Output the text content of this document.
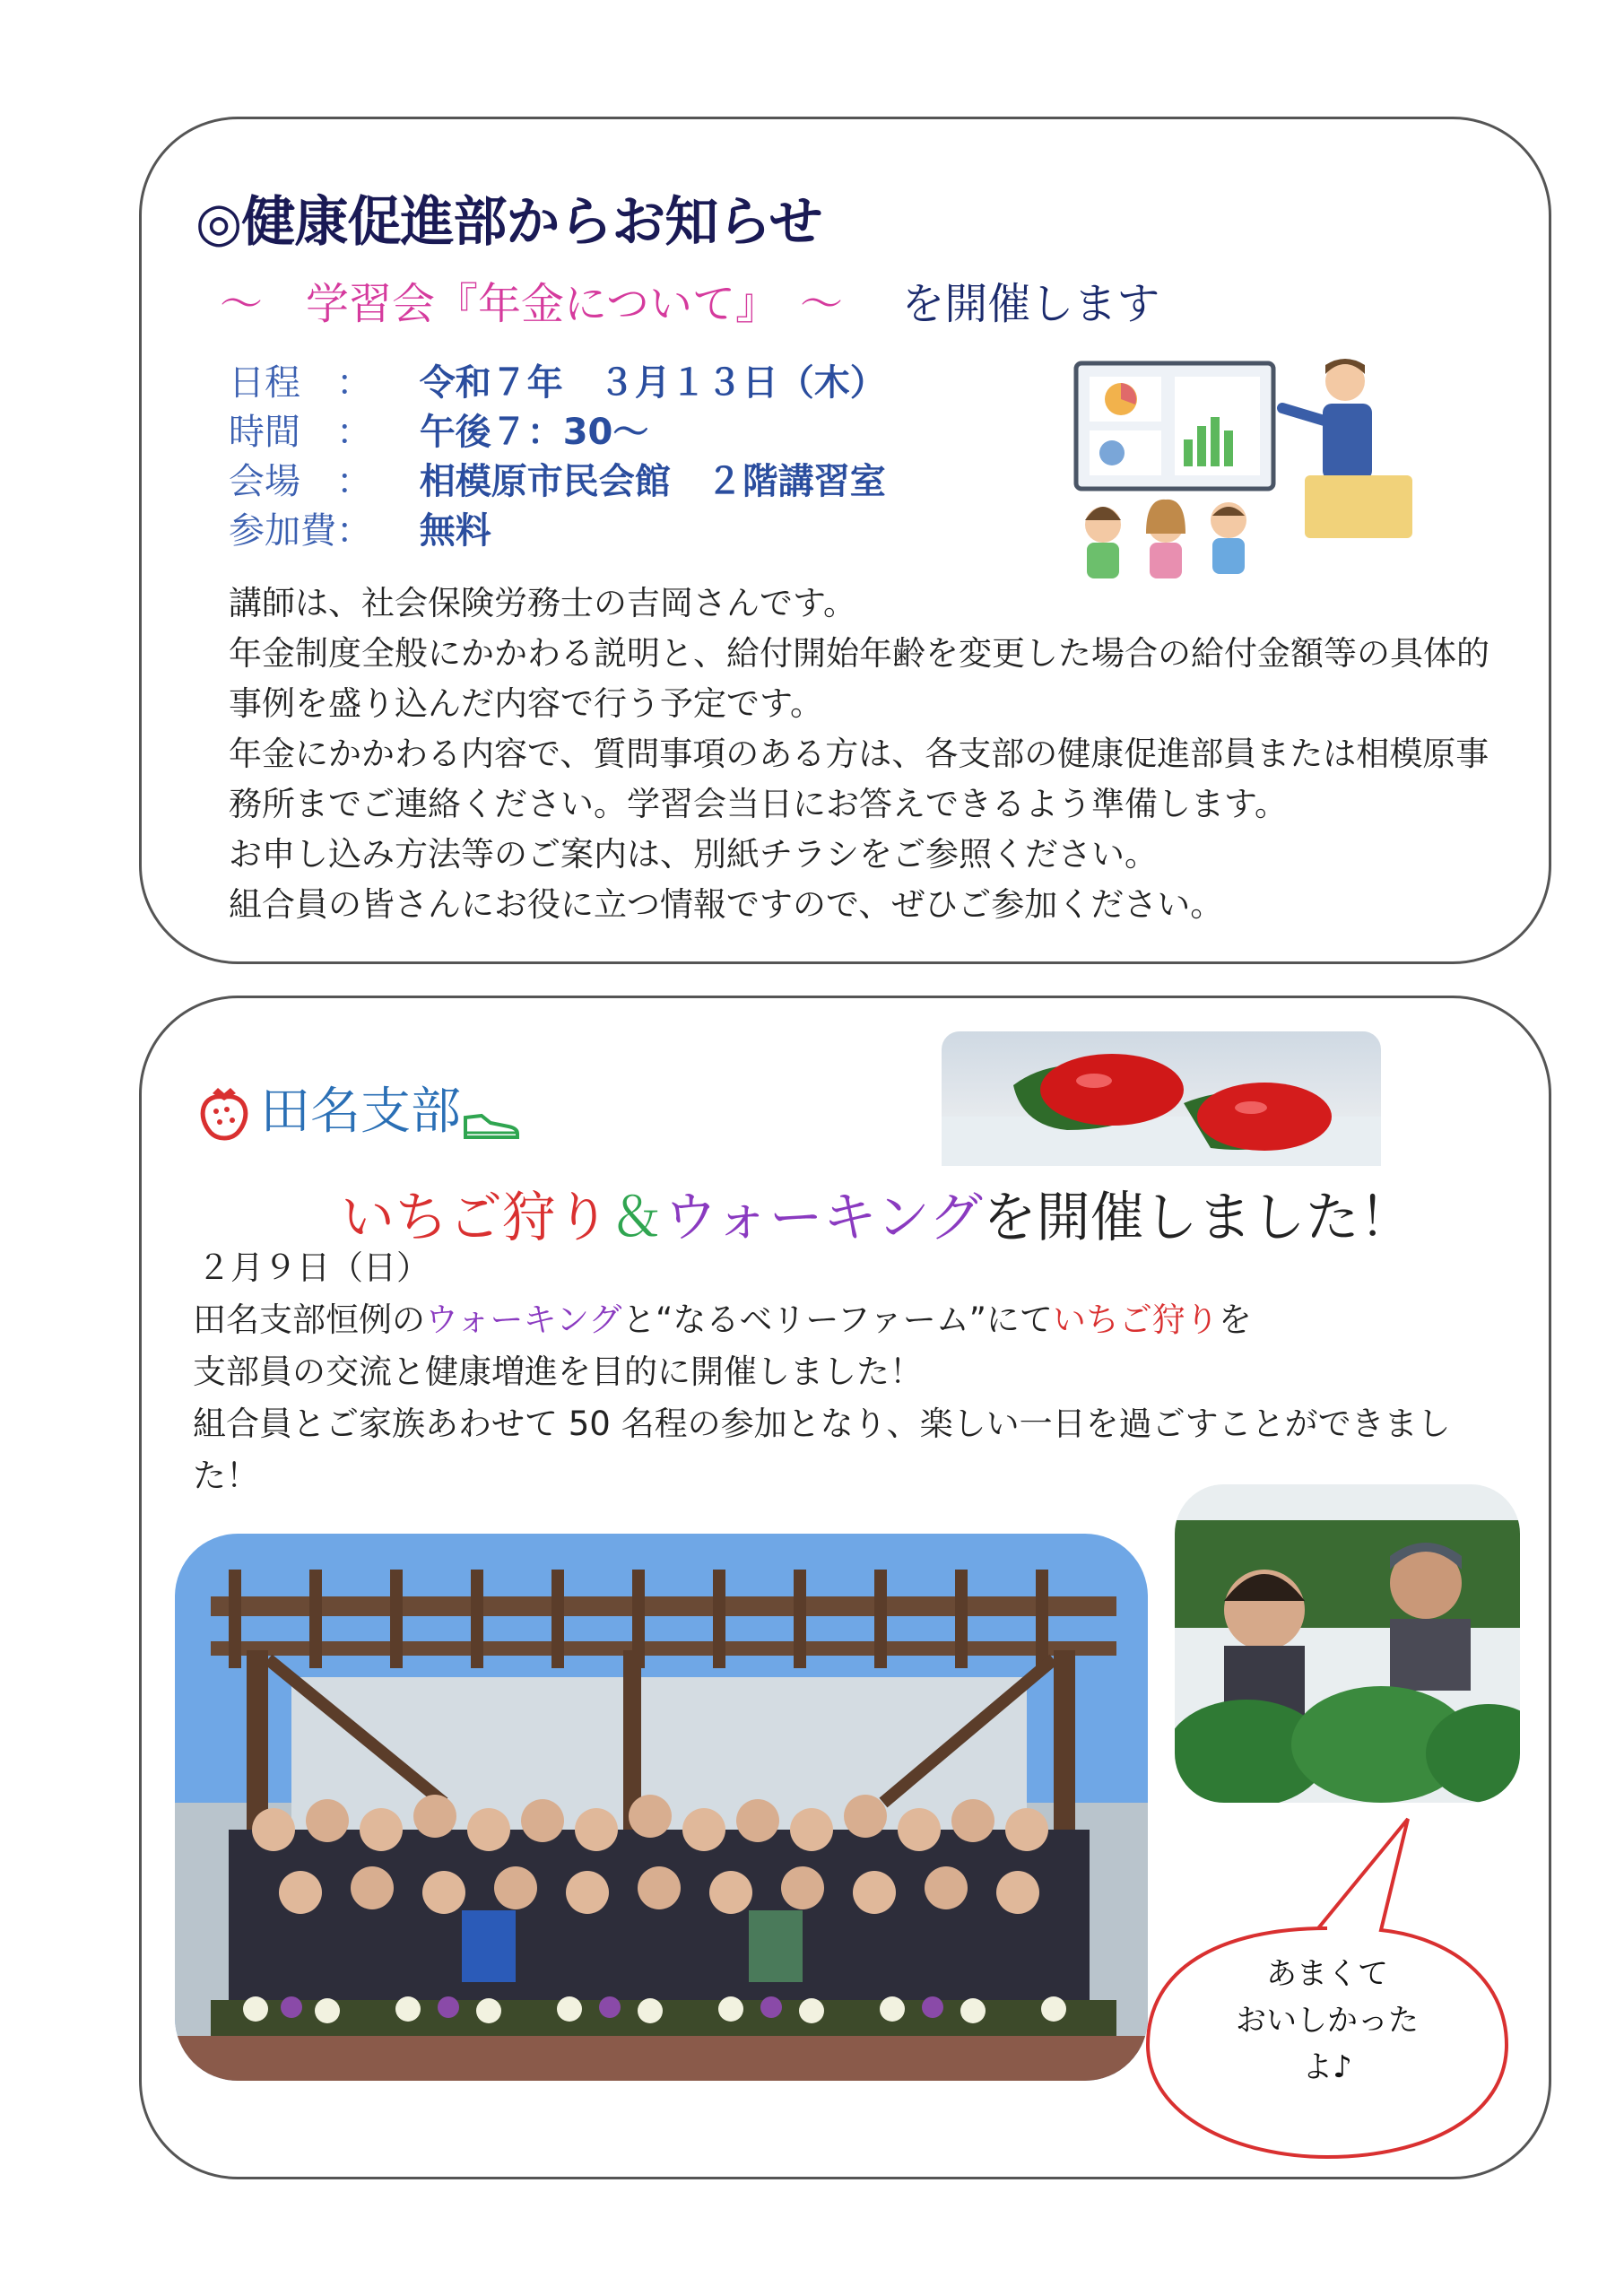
◎健康促進部からお知らせ
～　学習会『年金について』　～ を開催します
日程　： 令和７年　３月１３日（木）
時間　： 午後７：30～
会場　： 相模原市民会館　２階講習室
参加費： 無料

講師は、社会保険労務士の吉岡さんです。

年金制度全般にかかわる説明と、給付開始年齢を変更した場合の給付金額等の具体的事例を盛り込んだ内容で行う予定です。

年金にかかわる内容で、質問事項のある方は、各支部の健康促進部員または相模原事務所までご連絡ください。学習会当日にお答えできるよう準備します。

お申し込み方法等のご案内は、別紙チラシをご参照ください。

組合員の皆さんにお役に立つ情報ですので、ぜひご参加ください。

田名支部
いちご狩り＆ウォーキングを開催しました！

２月９日（日）

田名支部恒例のウォーキングと“なるベリーファーム”にていちご狩りを

支部員の交流と健康増進を目的に開催しました！

組合員とご家族あわせて 50 名程の参加となり、楽しい一日を過ごすことができました！

あまくて
おいしかった
よ♪
